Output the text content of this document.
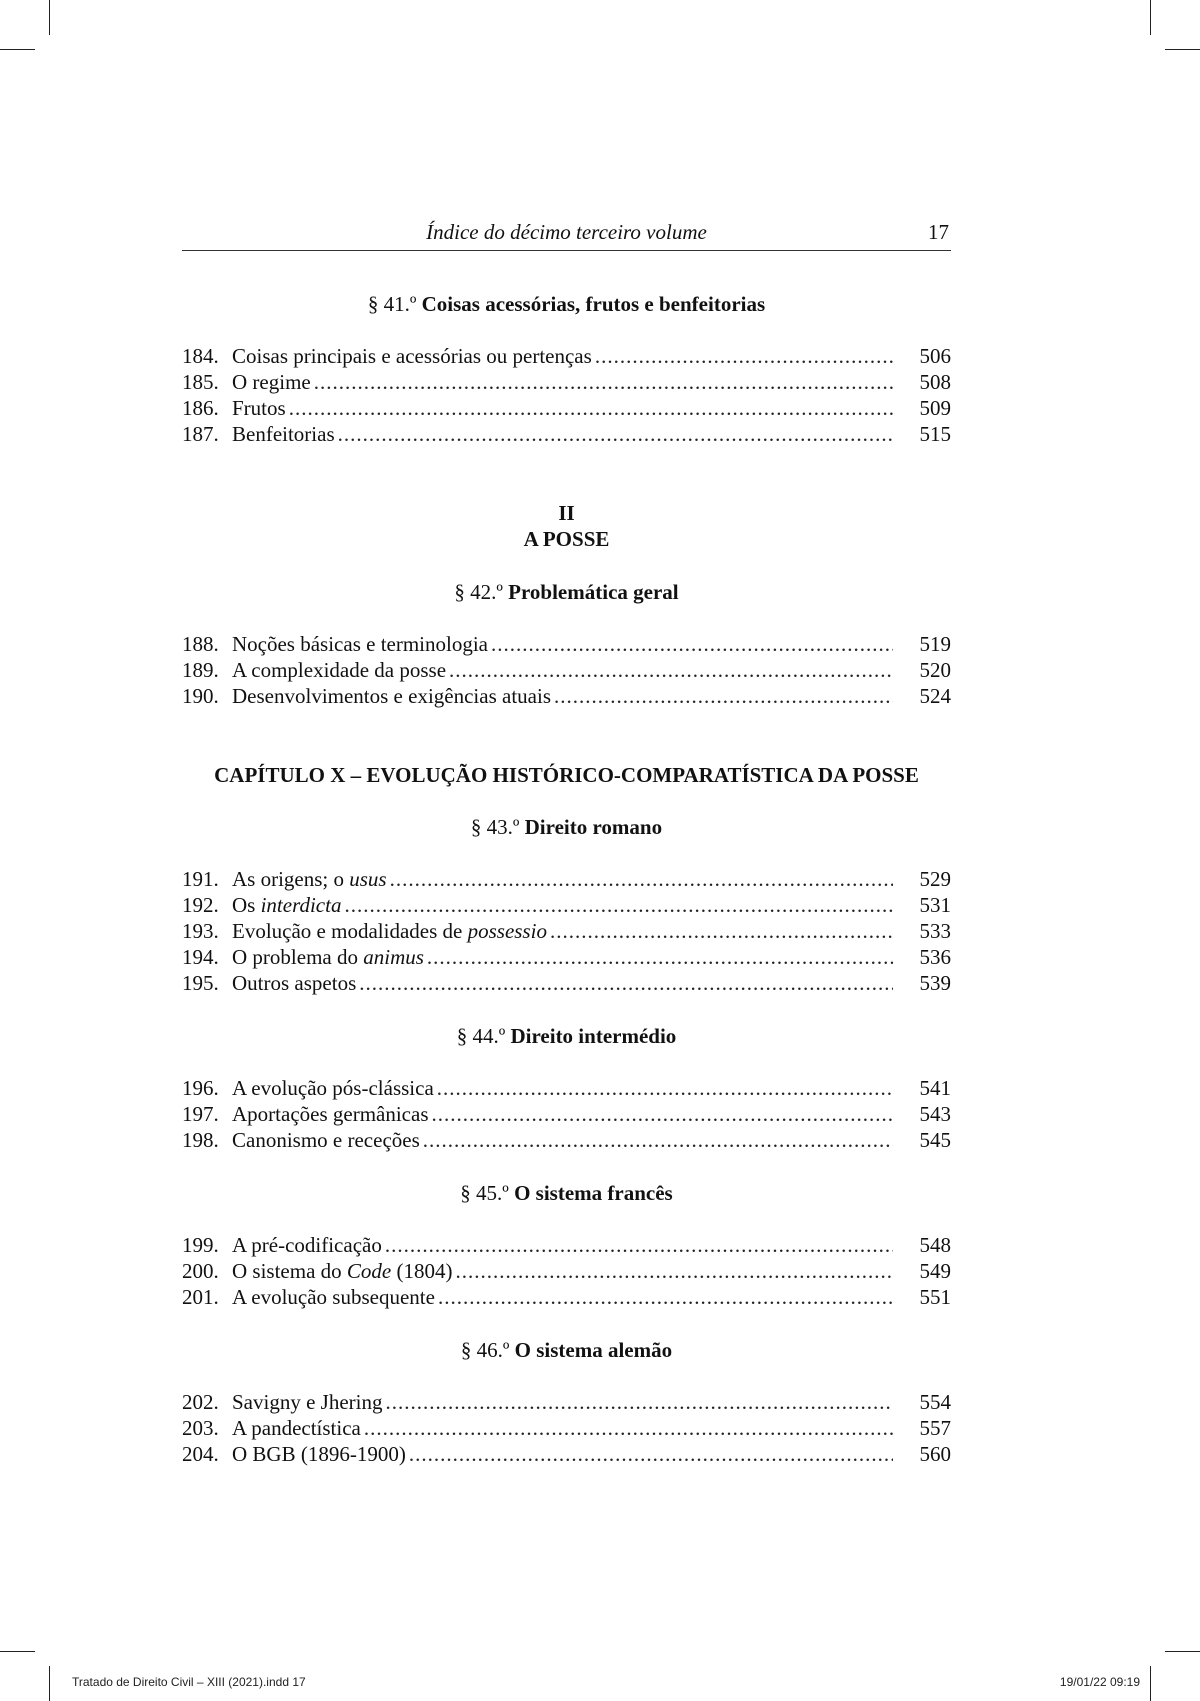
Índice do décimo terceiro volume	17
§ 41.º Coisas acessórias, frutos e benfeitorias
184. Coisas principais e acessórias ou pertenças .....	506
185. O regime .....	508
186. Frutos .....	509
187. Benfeitorias .....	515
II
A POSSE
§ 42.º Problemática geral
188. Noções básicas e terminologia .....	519
189. A complexidade da posse .....	520
190. Desenvolvimentos e exigências atuais .....	524
CAPÍTULO X – EVOLUÇÃO HISTÓRICO-COMPARATÍSTICA DA POSSE
§ 43.º Direito romano
191. As origens; o usus .....	529
192. Os interdicta .....	531
193. Evolução e modalidades de possessio .....	533
194. O problema do animus .....	536
195. Outros aspetos .....	539
§ 44.º Direito intermédio
196. A evolução pós-clássica .....	541
197. Aportações germânicas .....	543
198. Canonismo e receções .....	545
§ 45.º O sistema francês
199. A pré-codificação .....	548
200. O sistema do Code (1804) .....	549
201. A evolução subsequente .....	551
§ 46.º O sistema alemão
202. Savigny e Jhering .....	554
203. A pandectística .....	557
204. O BGB (1896-1900) .....	560
Tratado de Direito Civil – XIII (2021).indd 17	19/01/22 09:19
